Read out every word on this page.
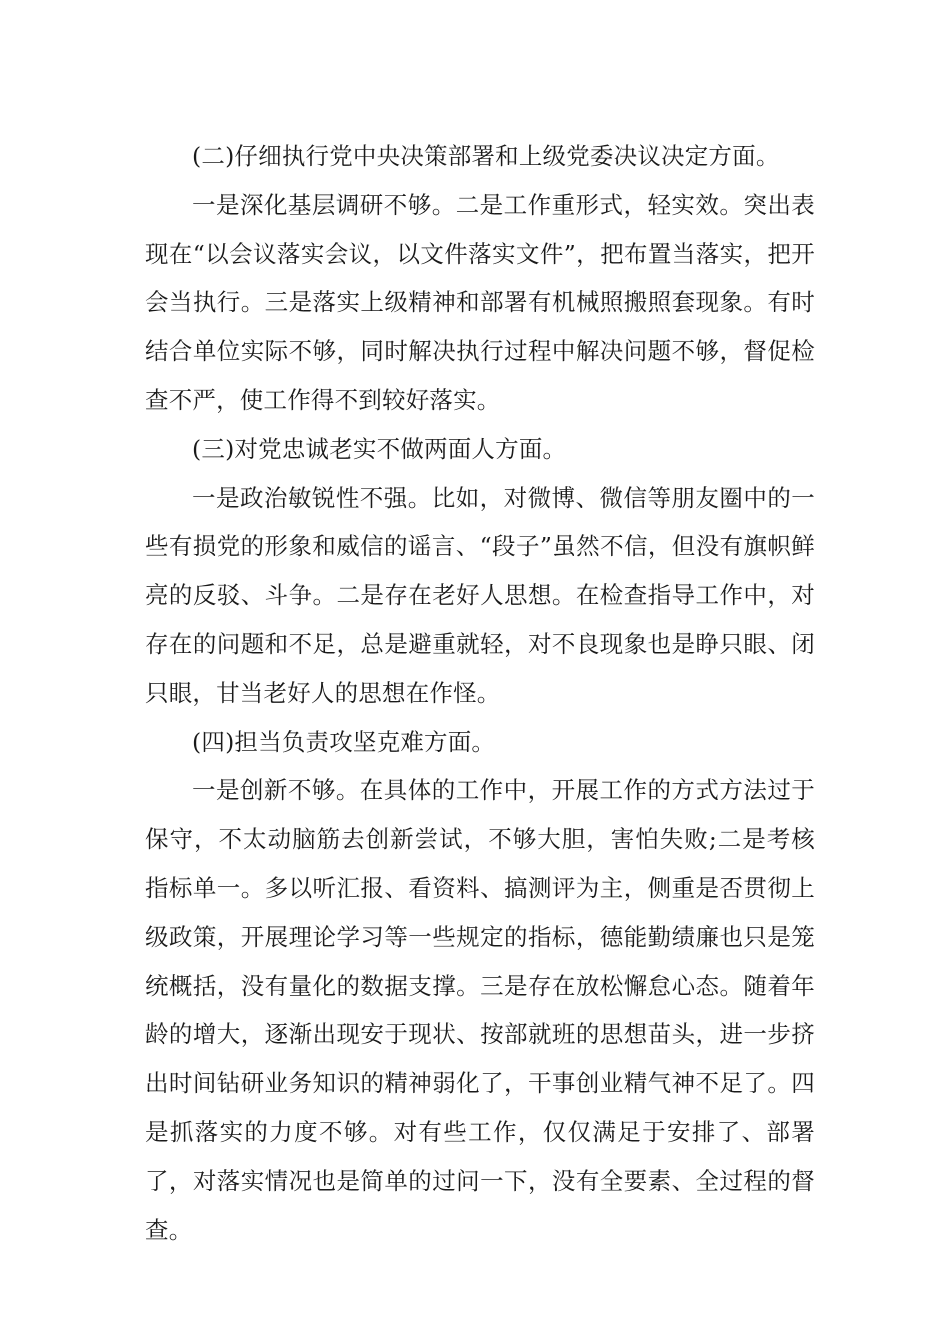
(二)仔细执行党中央决策部署和上级党委决议决定方面。

一是深化基层调研不够。二是工作重形式，轻实效。突出表现在“以会议落实会议，以文件落实文件”，把布置当落实，把开会当执行。三是落实上级精神和部署有机械照搬照套现象。有时结合单位实际不够，同时解决执行过程中解决问题不够，督促检查不严，使工作得不到较好落实。

(三)对党忠诚老实不做两面人方面。

一是政治敏锐性不强。比如，对微博、微信等朋友圈中的一些有损党的形象和威信的谣言、“段子”虽然不信，但没有旗帜鲜亮的反驳、斗争。二是存在老好人思想。在检查指导工作中，对存在的问题和不足，总是避重就轻，对不良现象也是睁只眼、闭只眼，甘当老好人的思想在作怪。

(四)担当负责攻坚克难方面。

一是创新不够。在具体的工作中，开展工作的方式方法过于保守，不太动脑筋去创新尝试，不够大胆，害怕失败;二是考核指标单一。多以听汇报、看资料、搞测评为主，侧重是否贯彻上级政策，开展理论学习等一些规定的指标，德能勤绩廉也只是笼统概括，没有量化的数据支撑。三是存在放松懈怠心态。随着年龄的增大，逐渐出现安于现状、按部就班的思想苗头，进一步挤出时间钻研业务知识的精神弱化了，干事创业精气神不足了。四是抓落实的力度不够。对有些工作，仅仅满足于安排了、部署了，对落实情况也是简单的过问一下，没有全要素、全过程的督查。
